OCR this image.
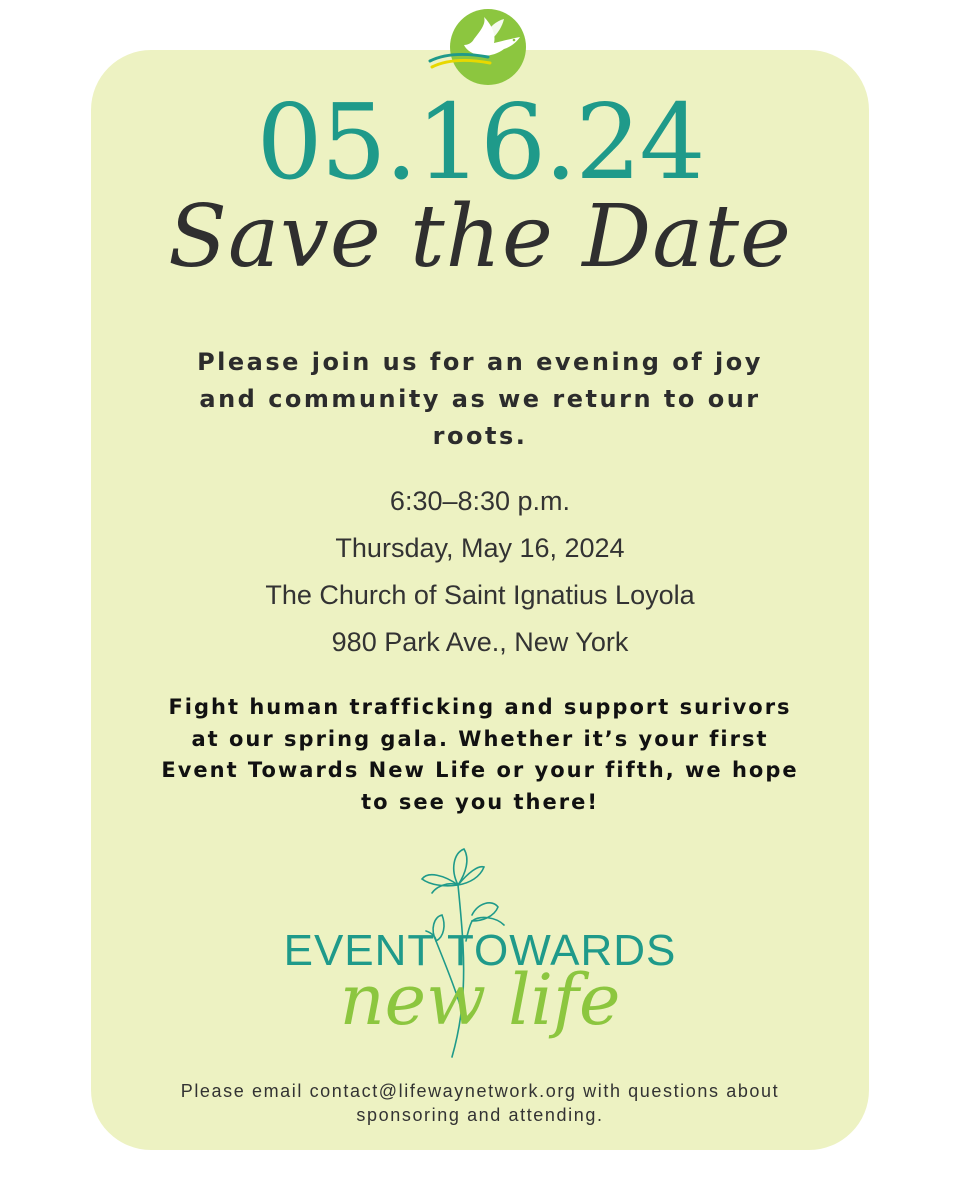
05.16.24
Save the Date
Please join us for an evening of joy and community as we return to our roots.
6:30–8:30 p.m.
Thursday, May 16, 2024
The Church of Saint Ignatius Loyola
980 Park Ave., New York
Fight human trafficking and support surivors at our spring gala. Whether it’s your first Event Towards New Life or your fifth, we hope to see you there!
EVENT TOWARDS
new life
Please email contact@lifewaynetwork.org with questions about sponsoring and attending.
